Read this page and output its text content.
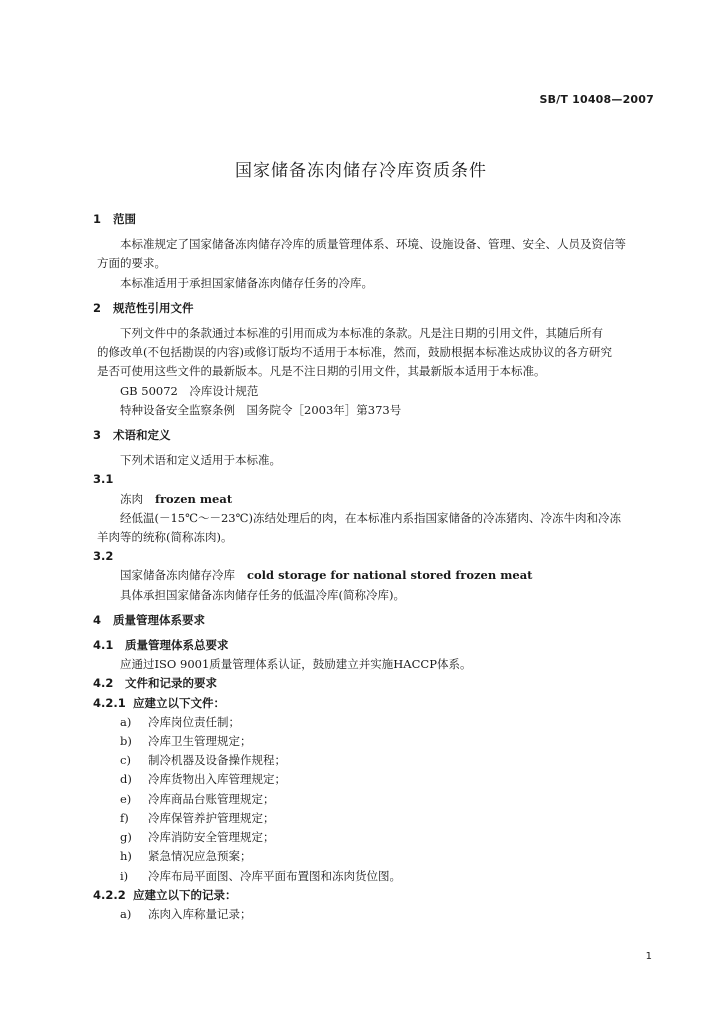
SB/T 10408—2007
国家储备冻肉储存冷库资质条件
1 范围
本标准规定了国家储备冻肉储存冷库的质量管理体系、环境、设施设备、管理、安全、人员及资信等
方面的要求。
本标准适用于承担国家储备冻肉储存任务的冷库。
2 规范性引用文件
下列文件中的条款通过本标准的引用而成为本标准的条款。凡是注日期的引用文件，其随后所有
的修改单(不包括勘误的内容)或修订版均不适用于本标准，然而，鼓励根据本标准达成协议的各方研究
是否可使用这些文件的最新版本。凡是不注日期的引用文件，其最新版本适用于本标准。
GB 50072　冷库设计规范
特种设备安全监察条例　国务院令［2003年］第373号
3 术语和定义
下列术语和定义适用于本标准。
3.1
冻肉 frozen meat
经低温(－15℃～－23℃)冻结处理后的肉，在本标准内系指国家储备的冷冻猪肉、冷冻牛肉和冷冻
羊肉等的统称(简称冻肉)。
3.2
国家储备冻肉储存冷库 cold storage for national stored frozen meat
具体承担国家储备冻肉储存任务的低温冷库(简称冷库)。
4 质量管理体系要求
4.1 质量管理体系总要求
应通过ISO 9001质量管理体系认证，鼓励建立并实施HACCP体系。
4.2 文件和记录的要求
4.2.1 应建立以下文件：
a) 冷库岗位责任制；
b) 冷库卫生管理规定；
c) 制冷机器及设备操作规程；
d) 冷库货物出入库管理规定；
e) 冷库商品台账管理规定；
f) 冷库保管养护管理规定；
g) 冷库消防安全管理规定；
h) 紧急情况应急预案；
i) 冷库布局平面图、冷库平面布置图和冻肉货位图。
4.2.2 应建立以下的记录：
a) 冻肉入库称量记录；
1
